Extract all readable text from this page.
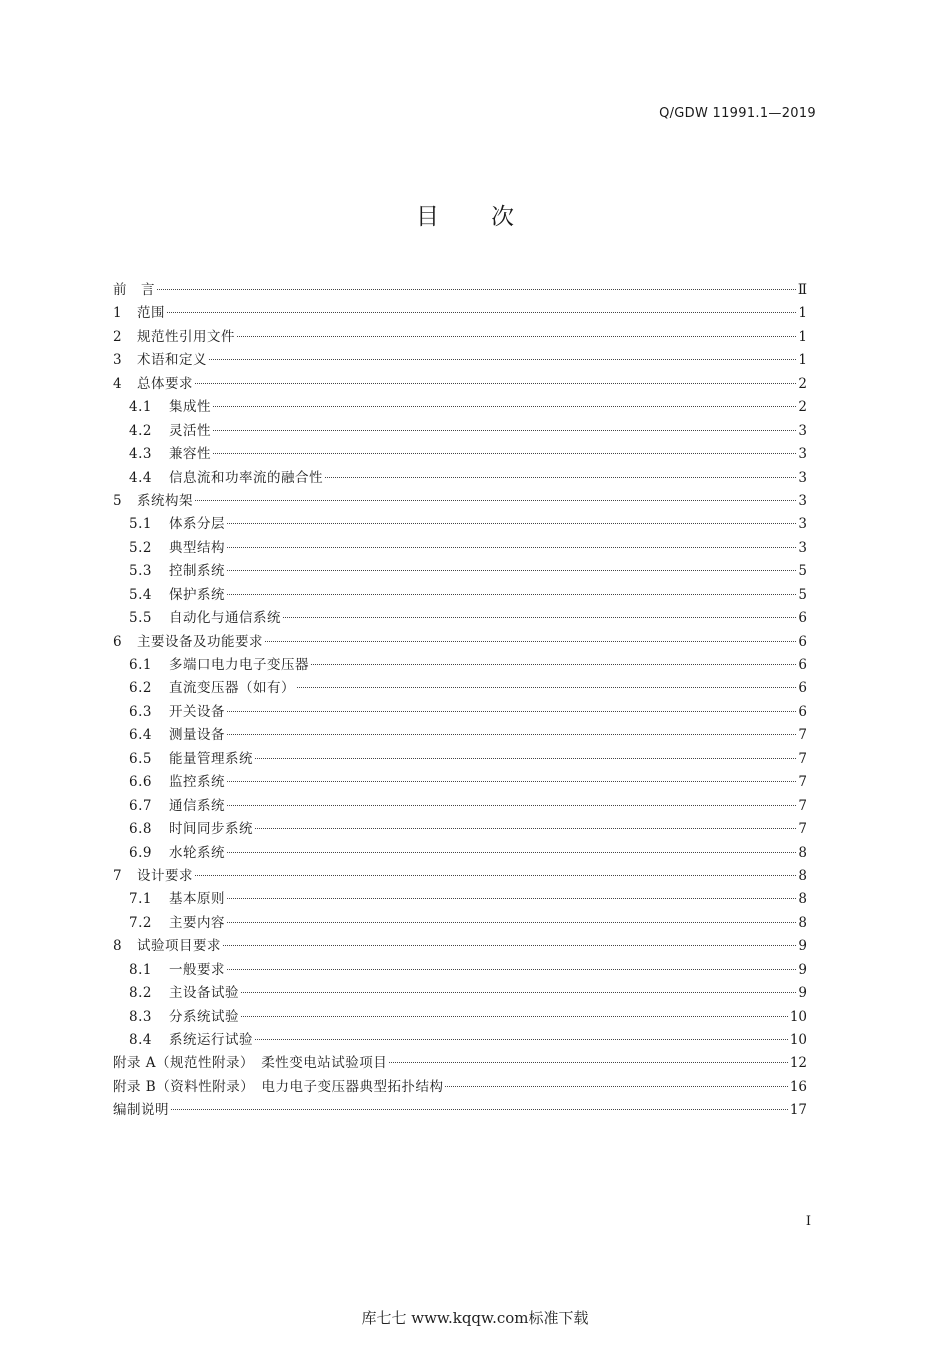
Q/GDW 11991.1—2019
目 次
前　言	Ⅱ
1	范围	1
2	规范性引用文件	1
3	术语和定义	1
4	总体要求	2
4.1	集成性	2
4.2	灵活性	3
4.3	兼容性	3
4.4	信息流和功率流的融合性	3
5	系统构架	3
5.1	体系分层	3
5.2	典型结构	3
5.3	控制系统	5
5.4	保护系统	5
5.5	自动化与通信系统	6
6	主要设备及功能要求	6
6.1	多端口电力电子变压器	6
6.2	直流变压器（如有）	6
6.3	开关设备	6
6.4	测量设备	7
6.5	能量管理系统	7
6.6	监控系统	7
6.7	通信系统	7
6.8	时间同步系统	7
6.9	水轮系统	8
7	设计要求	8
7.1	基本原则	8
7.2	主要内容	8
8	试验项目要求	9
8.1	一般要求	9
8.2	主设备试验	9
8.3	分系统试验	10
8.4	系统运行试验	10
附录 A（规范性附录）　柔性变电站试验项目	12
附录 B（资料性附录）　电力电子变压器典型拓扑结构	16
编制说明	17
I
库七七 www.kqqw.com标准下载
